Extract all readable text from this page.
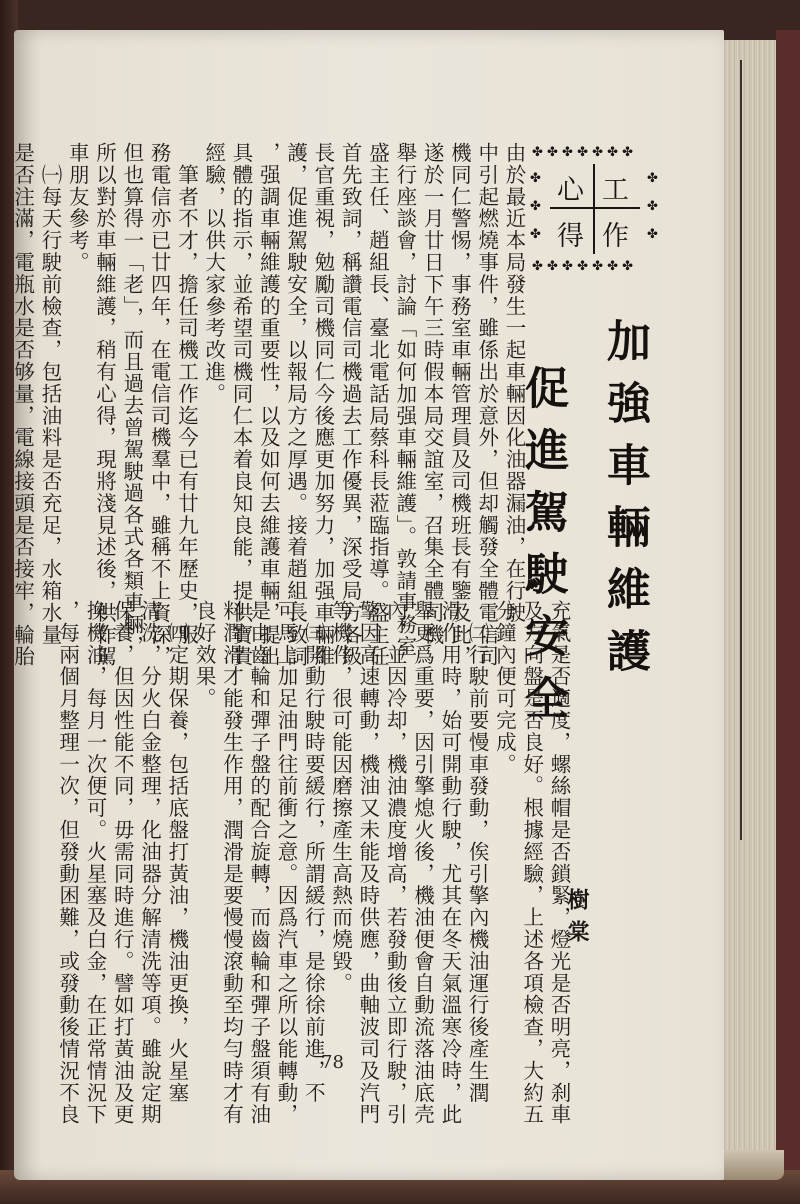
✤ ✤ ✤ ✤ ✤ ✤ ✤
✤ ✤ ✤ ✤ ✤ ✤ ✤
✤
✤
✤
✤
✤
✤
工
作
心
得
加強車輛維護
促進駕駛安全
樹棠
由於最近本局發生一起車輛因化油器漏油，在行駛
中引起燃燒事件，雖係出於意外，但却觸發全體電信司
機同仁警惕，事務室車輛管理員及司機班長有鑒及此，
遂於一月廿日下午三時假本局交誼室，召集全體司機
舉行座談會，討論「如何加强車輛維護」。敦請事務室
盛主任、趙組長、臺北電話局蔡科長蒞臨指導。盛主任
首先致詞，稱讚電信司機過去工作優異，深受局方各級
長官重視，勉勵司機同仁今後應更加努力，加强車輛維
護，促進駕駛安全，以報局方之厚遇。接着趙組長致詞
，强調車輛維護的重要性，以及如何去維護車輛，提出
具體的指示，並希望司機同仁本着良知良能，提供寶貴
經驗，以供大家參考改進。
　筆者不才，擔任司機工作迄今已有廿九年歷史，服
務電信亦已廿四年，在電信司機羣中，雖稱不上資深，
但也算得一「老」，而且過去曾駕駛過各式各類車輛，
所以對於車輛維護，稍有心得，現將淺見述後，供作駕
車朋友參考。
　㈠每天行駛前檢查，包括油料是否充足，水箱水量
是否注滿，電瓶水是否够量，電線接頭是否接牢，輪胎
充氣是否適度，螺絲帽是否鎖緊，燈光是否明亮，刹車
及方向盤是否良好。根據經驗，上述各項檢查，大約五
分鐘內便可完成。
　㈡行駛前要慢車發動，俟引擎內機油運行後產生潤
滑作用時，始可開動行駛，尤其在冬天氣溫寒冷時，此
舉更爲重要，因引擎熄火後，機油便會自動流落油底壳
內，並因冷却，機油濃度增高，若發動後立即行駛，引
擎因高速轉動，機油又未能及時供應，曲軸波司及汽門
等機件，很可能因磨擦產生高熱而燒毀。
　㈢開動行駛時要緩行，所謂緩行，是徐徐前進，不
可馬上加足油門往前衝之意。因爲汽車之所以能轉動，
是由齒輪和彈子盤的配合旋轉，而齒輪和彈子盤須有油
料潤滑才能發生作用，潤滑是要慢慢滾動至均勻時才有
良好效果。
　㈣定期保養，包括底盤打黃油，機油更換，火星塞
清洗，分火白金整理，化油器分解清洗等項。雖說定期
保養，但因性能不同，毋需同時進行。譬如打黃油及更
換機油，每月一次便可。火星塞及白金，在正常情況下
，每兩個月整理一次，但發動困難，或發動後情況不良	78
